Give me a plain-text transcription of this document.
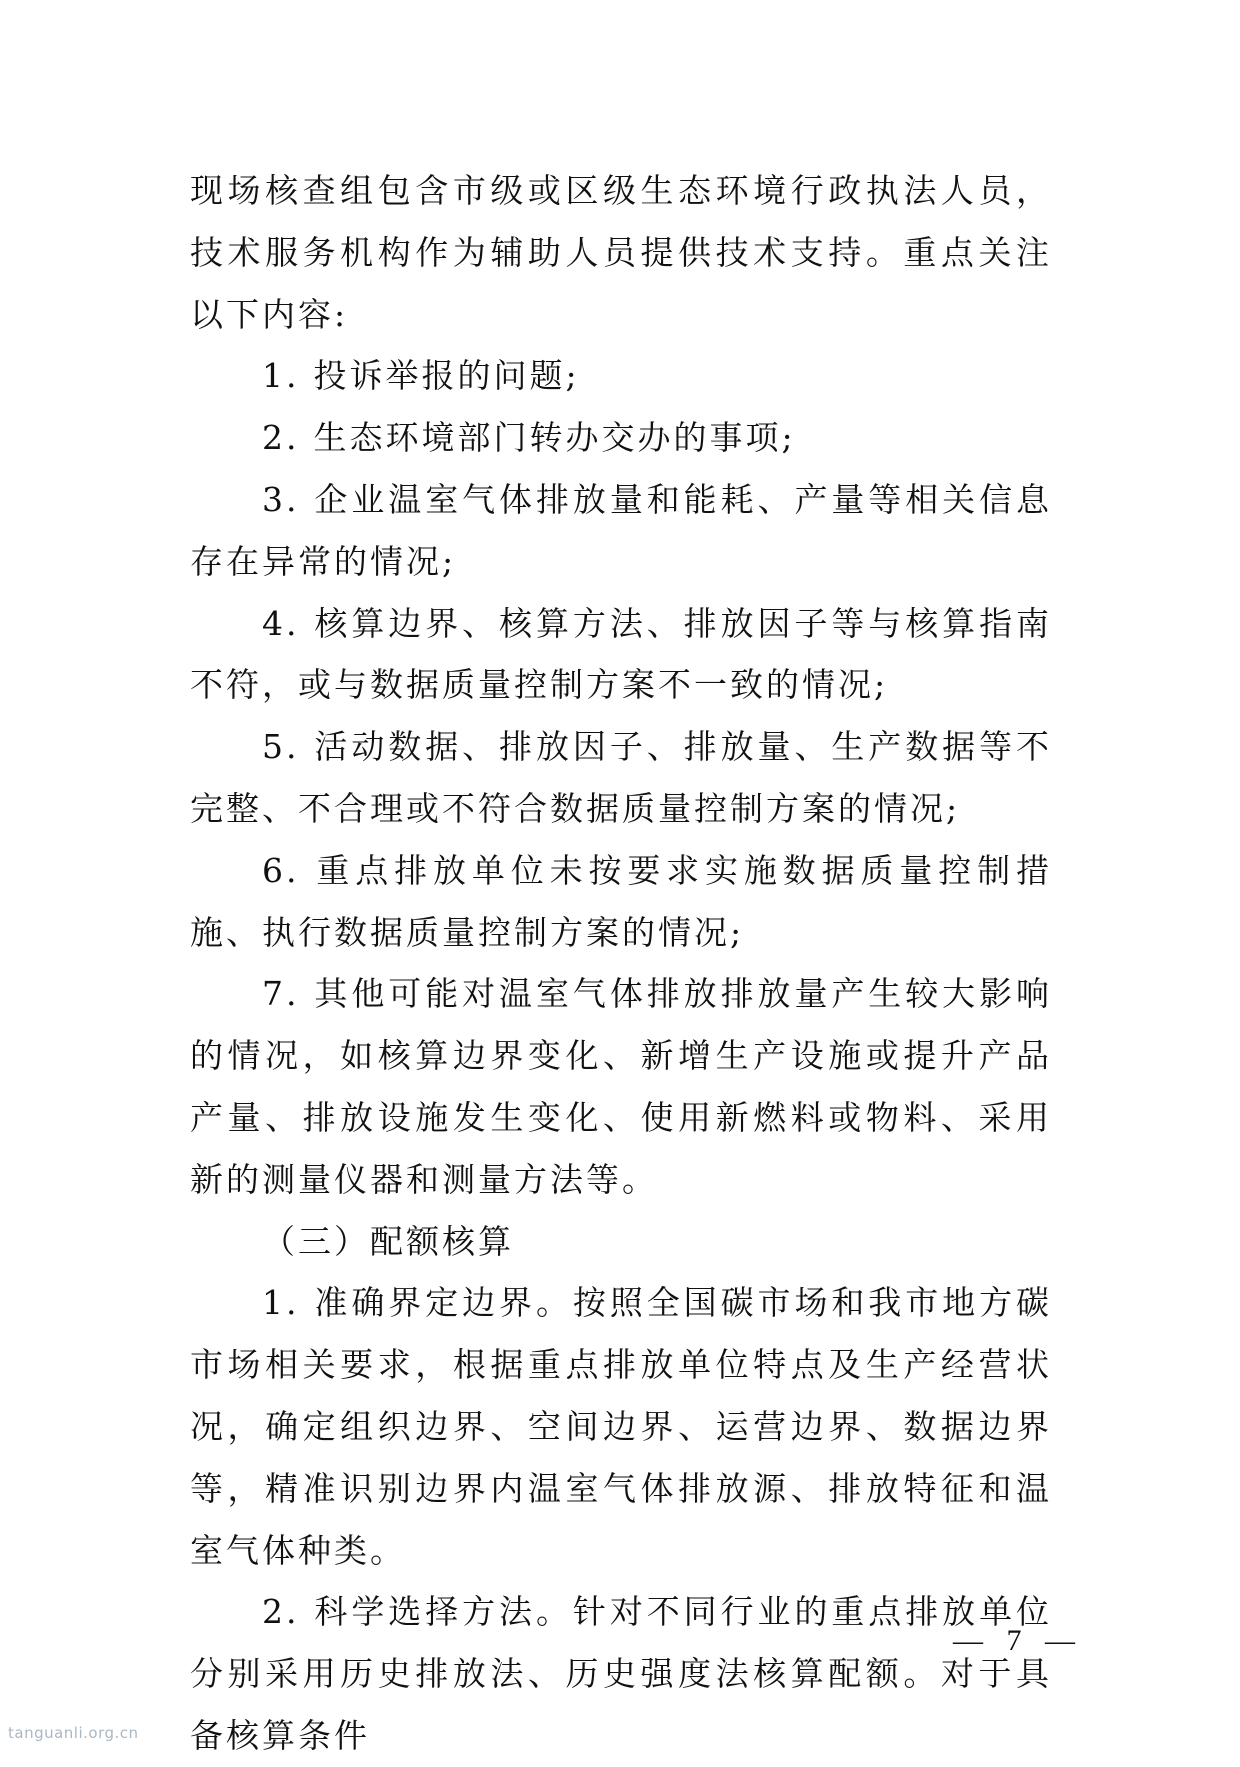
现场核查组包含市级或区级生态环境行政执法人员，技术服务机构作为辅助人员提供技术支持。重点关注以下内容:

1. 投诉举报的问题;

2. 生态环境部门转办交办的事项;

3. 企业温室气体排放量和能耗、产量等相关信息存在异常的情况;

4. 核算边界、核算方法、排放因子等与核算指南不符，或与数据质量控制方案不一致的情况;

5. 活动数据、排放因子、排放量、生产数据等不完整、不合理或不符合数据质量控制方案的情况;

6. 重点排放单位未按要求实施数据质量控制措施、执行数据质量控制方案的情况;

7. 其他可能对温室气体排放排放量产生较大影响的情况，如核算边界变化、新增生产设施或提升产品产量、排放设施发生变化、使用新燃料或物料、采用新的测量仪器和测量方法等。

（三）配额核算

1. 准确界定边界。按照全国碳市场和我市地方碳市场相关要求，根据重点排放单位特点及生产经营状况，确定组织边界、空间边界、运营边界、数据边界等，精准识别边界内温室气体排放源、排放特征和温室气体种类。

2. 科学选择方法。针对不同行业的重点排放单位分别采用历史排放法、历史强度法核算配额。对于具备核算条件

— 7 —
tanguanli.org.cn
